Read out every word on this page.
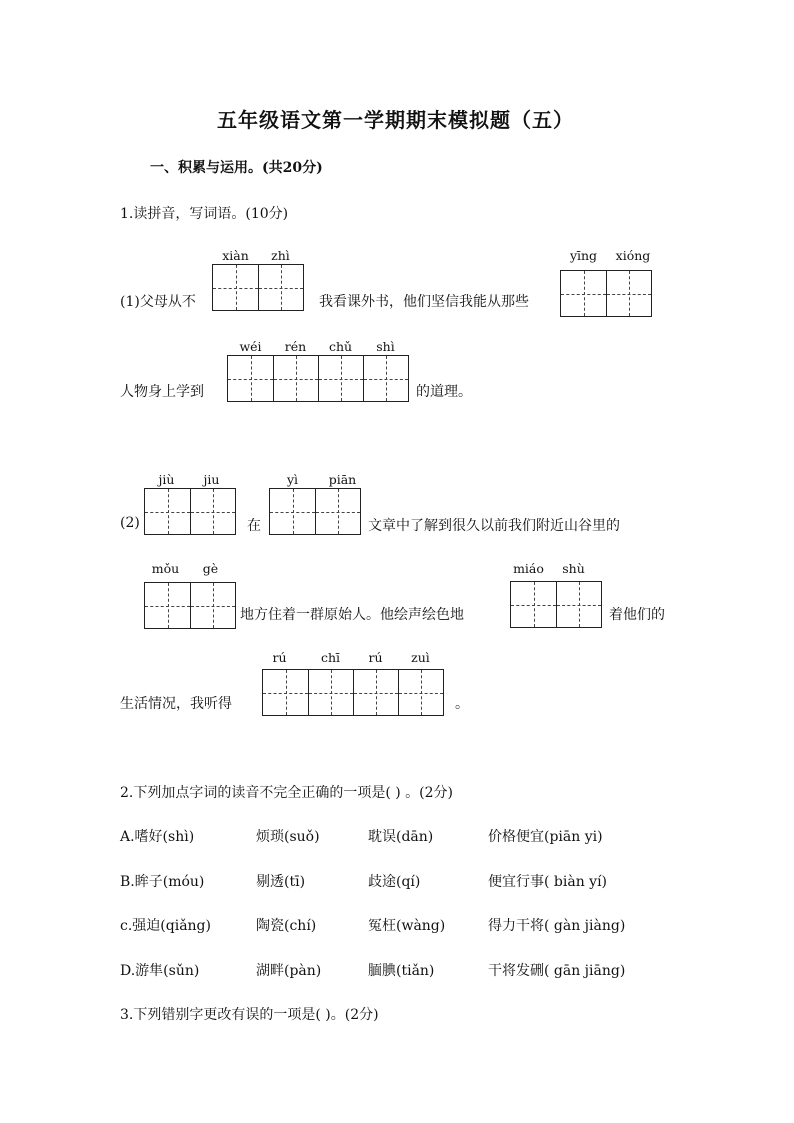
五年级语文第一学期期末模拟题（五）
一、积累与运用。(共20分)
1.读拼音，写词语。(10分)
xiàn	zhì
(1)父母从不	我看课外书，他们坚信我能从那些
yīng	xióng
wéi	rén	chǔ	shì
人物身上学到	的道理。
jiù	jiu	yì	piān
(2)	在	文章中了解到很久以前我们附近山谷里的
mǒu	gè
地方住着一群原始人。他绘声绘色地
miáo	shù
着他们的
rú	chī	rú	zuì
生活情况，我听得	。
2.下列加点字词的读音不完全正确的一项是( ) 。(2分)
A.嗜好(shì)	烦琐(suǒ)	耽误(dān)	价格便宜(piān yi)
B.眸子(móu)	剔透(tī)	歧途(qí)	便宜行事( biàn yí)
c.强迫(qiǎng)	陶瓷(chí)	冤枉(wàng)	得力干将( gàn jiàng)
D.游隼(sǔn)	湖畔(pàn)	腼腆(tiǎn)	干将发硎( gān jiāng)
3.下列错别字更改有误的一项是( )。(2分)
